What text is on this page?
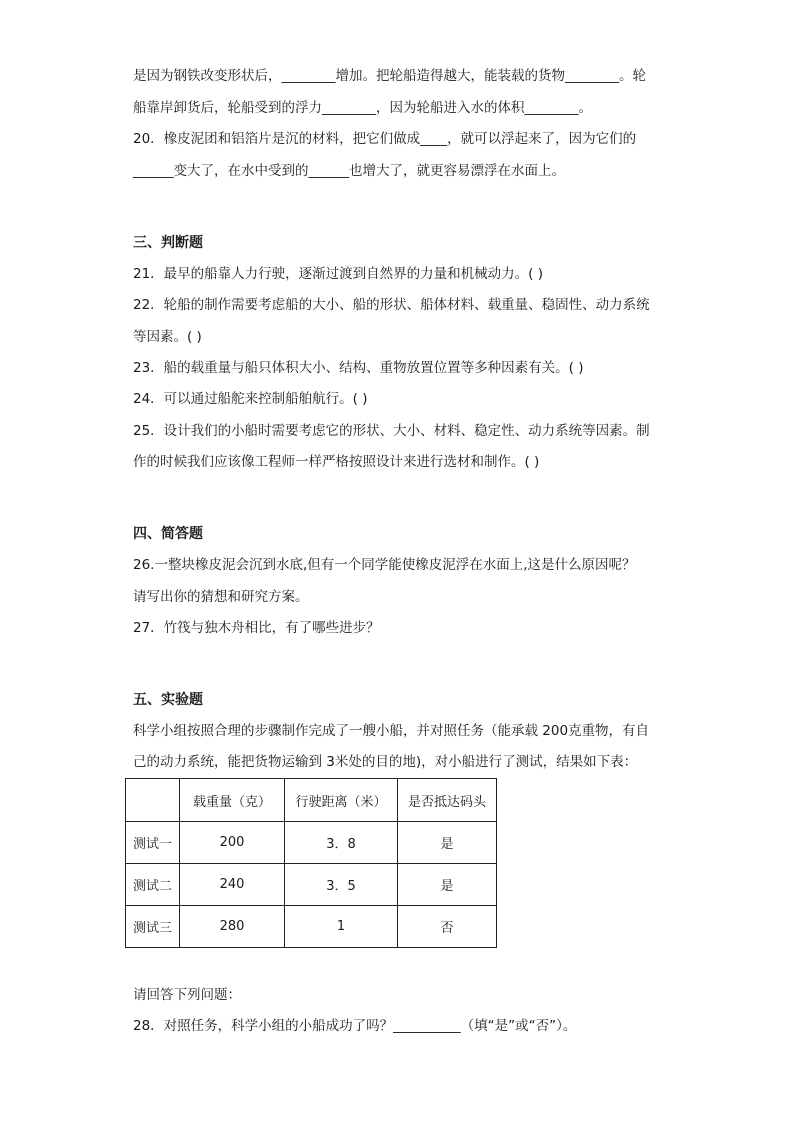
是因为钢铁改变形状后，________增加。把轮船造得越大，能装载的货物________。轮
船靠岸卸货后，轮船受到的浮力________，因为轮船进入水的体积________。
20．橡皮泥团和铝箔片是沉的材料，把它们做成____，就可以浮起来了，因为它们的
______变大了，在水中受到的______也增大了，就更容易漂浮在水面上。
三、判断题
21．最早的船靠人力行驶，逐渐过渡到自然界的力量和机械动力。( )
22．轮船的制作需要考虑船的大小、船的形状、船体材料、载重量、稳固性、动力系统
等因素。( )
23．船的载重量与船只体积大小、结构、重物放置位置等多种因素有关。( )
24．可以通过船舵来控制船舶航行。( )
25．设计我们的小船时需要考虑它的形状、大小、材料、稳定性、动力系统等因素。制
作的时候我们应该像工程师一样严格按照设计来进行选材和制作。( )
四、简答题
26.一整块橡皮泥会沉到水底,但有一个同学能使橡皮泥浮在水面上,这是什么原因呢？
请写出你的猜想和研究方案。
27．竹筏与独木舟相比，有了哪些进步？
五、实验题
科学小组按照合理的步骤制作完成了一艘小船，并对照任务（能承载 200克重物，有自
己的动力系统，能把货物运输到 3米处的目的地)，对小船进行了测试，结果如下表：
	载重量（克）	行驶距离（米）	是否抵达码头
测试一	200	3．8	是
测试二	240	3．5	是
测试三	280	1	否
请回答下列问题：
28．对照任务，科学小组的小船成功了吗？__________（填“是”或“否”）。
